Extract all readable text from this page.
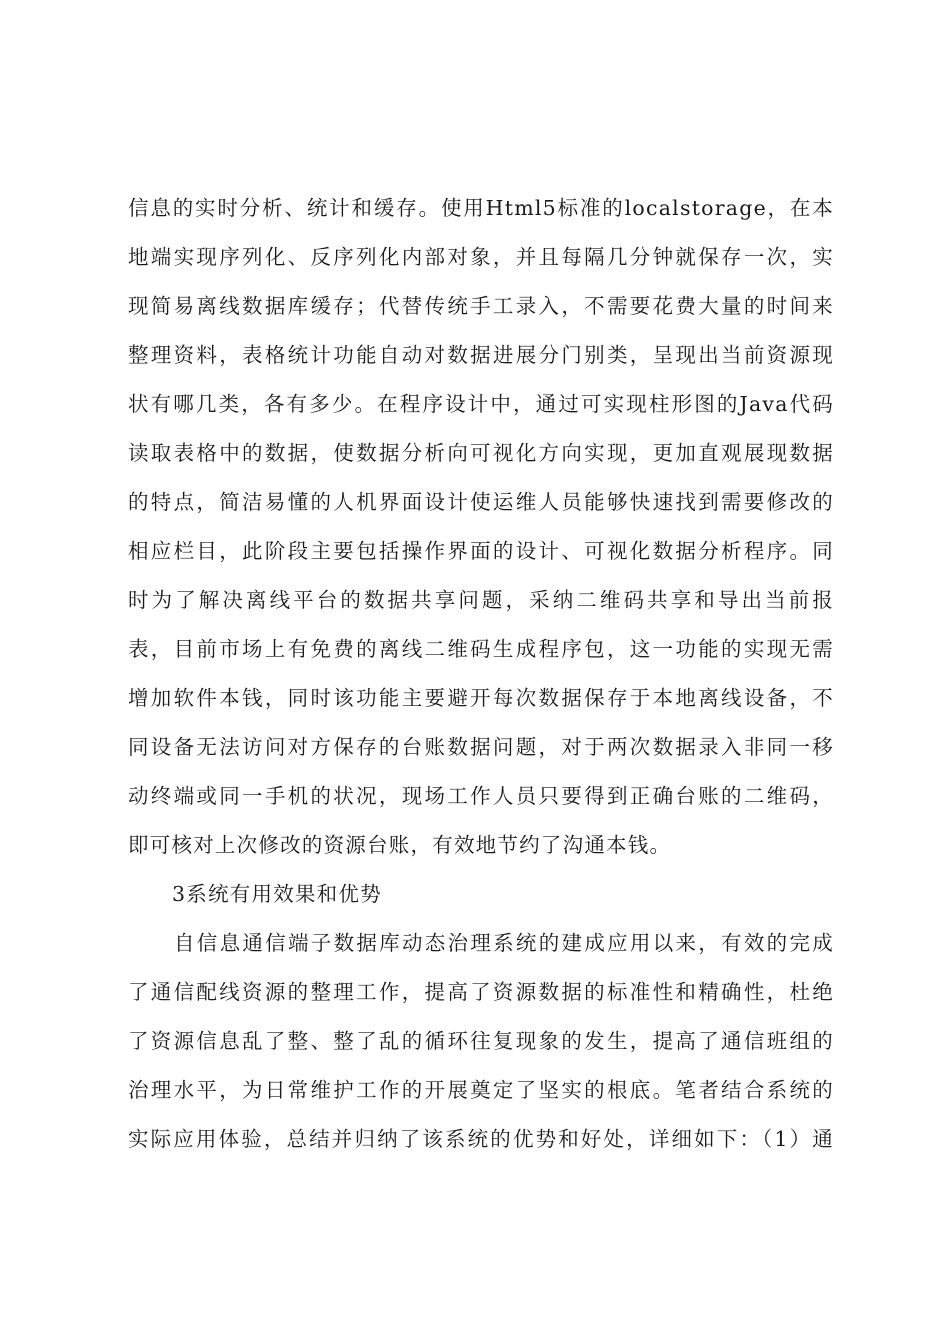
信息的实时分析、统计和缓存。使用Html5标准的localstorage，在本
地端实现序列化、反序列化内部对象，并且每隔几分钟就保存一次，实
现简易离线数据库缓存；代替传统手工录入，不需要花费大量的时间来
整理资料，表格统计功能自动对数据进展分门别类，呈现出当前资源现
状有哪几类，各有多少。在程序设计中，通过可实现柱形图的Java代码
读取表格中的数据，使数据分析向可视化方向实现，更加直观展现数据
的特点，简洁易懂的人机界面设计使运维人员能够快速找到需要修改的
相应栏目，此阶段主要包括操作界面的设计、可视化数据分析程序。同
时为了解决离线平台的数据共享问题，采纳二维码共享和导出当前报
表，目前市场上有免费的离线二维码生成程序包，这一功能的实现无需
增加软件本钱，同时该功能主要避开每次数据保存于本地离线设备，不
同设备无法访问对方保存的台账数据问题，对于两次数据录入非同一移
动终端或同一手机的状况，现场工作人员只要得到正确台账的二维码，
即可核对上次修改的资源台账，有效地节约了沟通本钱。
3系统有用效果和优势
自信息通信端子数据库动态治理系统的建成应用以来，有效的完成
了通信配线资源的整理工作，提高了资源数据的标准性和精确性，杜绝
了资源信息乱了整、整了乱的循环往复现象的发生，提高了通信班组的
治理水平，为日常维护工作的开展奠定了坚实的根底。笔者结合系统的
实际应用体验，总结并归纳了该系统的优势和好处，详细如下：（1）通
